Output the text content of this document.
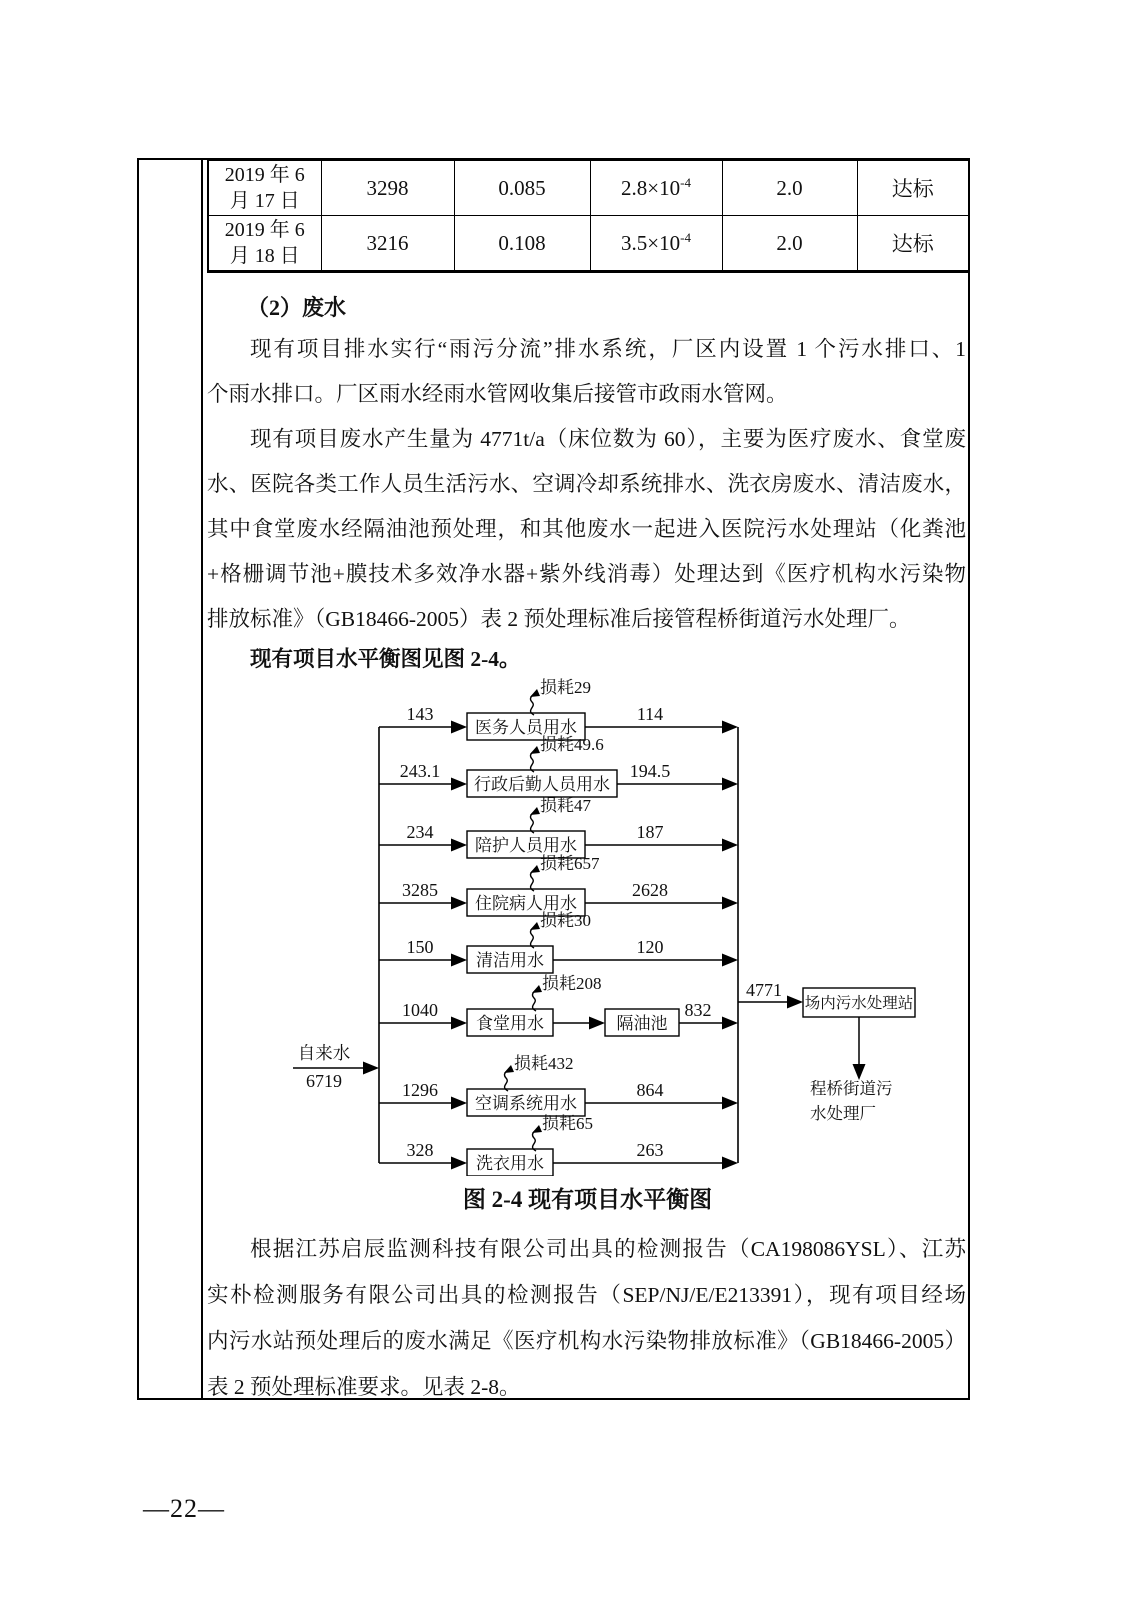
2019 年 6
月 17 日	3298	0.085	$2.8\times 10^{-4}$	2.0	达标

2019 年 6
月 18 日	3216	0.108	$3.5\times 10^{-4}$	2.0	达标
（2）废水
现有项目排水实行“雨污分流”排水系统，厂区内设置 1 个污水排口、1
个雨水排口。厂区雨水经雨水管网收集后接管市政雨水管网。
现有项目废水产生量为 4771t/a（床位数为 60），主要为医疗废水、食堂废
水、医院各类工作人员生活污水、空调冷却系统排水、洗衣房废水、清洁废水，
其中食堂废水经隔油池预处理，和其他废水一起进入医院污水处理站（化粪池
+格栅调节池+膜技术多效净水器+紫外线消毒）处理达到《医疗机构水污染物
排放标准》（GB18466-2005）表 2 预处理标准后接管程桥街道污水处理厂。
现有项目水平衡图见图 2-4。
自来水
6719
143
医务人员用水
114
损耗29
243.1
行政后勤人员用水
194.5
损耗49.6
234
陪护人员用水
187
损耗47
3285
住院病人用水
2628
损耗657
150
清洁用水
120
损耗30
1040
食堂用水	隔油池
832
损耗208
1296
空调系统用水
864
损耗432
328
洗衣用水
263
损耗65
4771
场内污水处理站
程桥街道污
水处理厂
图 2-4 现有项目水平衡图
根据江苏启辰监测科技有限公司出具的检测报告（CA198086YSL）、江苏
实朴检测服务有限公司出具的检测报告（SEP/NJ/E/E213391），现有项目经场
内污水站预处理后的废水满足《医疗机构水污染物排放标准》（GB18466-2005）
表 2 预处理标准要求。见表 2-8。
—22—
